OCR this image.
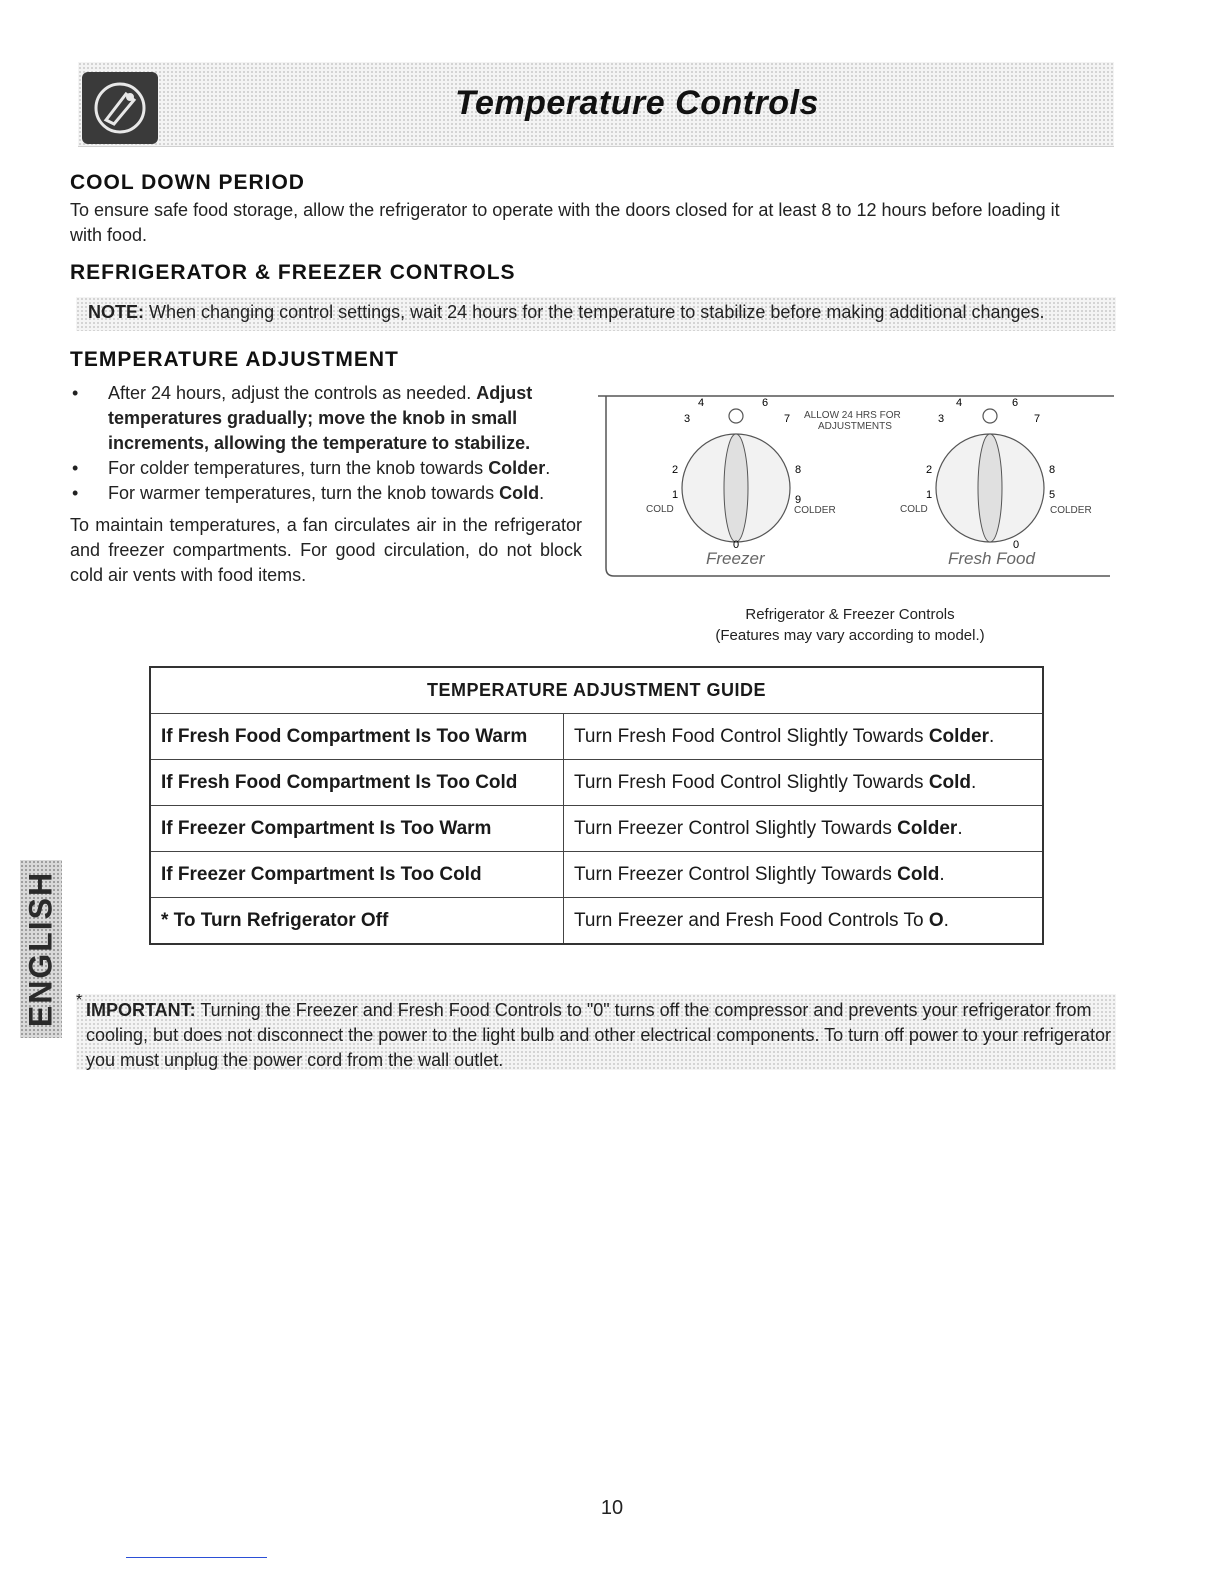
Temperature Controls
COOL DOWN PERIOD
To ensure safe food storage, allow the refrigerator to operate with the doors closed for at least 8 to 12 hours before loading it with food.
REFRIGERATOR & FREEZER CONTROLS
NOTE: When changing control settings, wait 24 hours for the temperature to stabilize before making additional changes.
TEMPERATURE ADJUSTMENT
• After 24 hours, adjust the controls as needed. Adjust temperatures gradually; move the knob in small increments, allowing the temperature to stabilize.
• For colder temperatures, turn the knob towards Colder.
• For warmer temperatures, turn the knob towards Cold.
To maintain temperatures, a fan circulates air in the refrigerator and freezer compartments. For good circulation, do not block cold air vents with food items.
4	6
3	7
2	8
1	9
0
COLD	COLDER
Freezer
ALLOW 24 HRS FOR
ADJUSTMENTS
4	6
3	7
2	8
1	5
0
COLD	COLDER
Fresh Food
Refrigerator & Freezer Controls
(Features may vary according to model.)
TEMPERATURE ADJUSTMENT GUIDE	
If Fresh Food Compartment Is Too Warm	Turn Fresh Food Control Slightly Towards Colder.
If Fresh Food Compartment Is Too Cold	Turn Fresh Food Control Slightly Towards Cold.
If Freezer Compartment Is Too Warm	Turn Freezer Control Slightly Towards Colder.
If Freezer Compartment Is Too Cold	Turn Freezer Control Slightly Towards Cold.
* To Turn Refrigerator Off	Turn Freezer and Fresh Food Controls To O.
ENGLISH * IMPORTANT: Turning the Freezer and Fresh Food Controls to "0" turns off the compressor and prevents your refrigerator from cooling, but does not disconnect the power to the light bulb and other electrical components. To turn off power to your refrigerator you must unplug the power cord from the wall outlet.
10
